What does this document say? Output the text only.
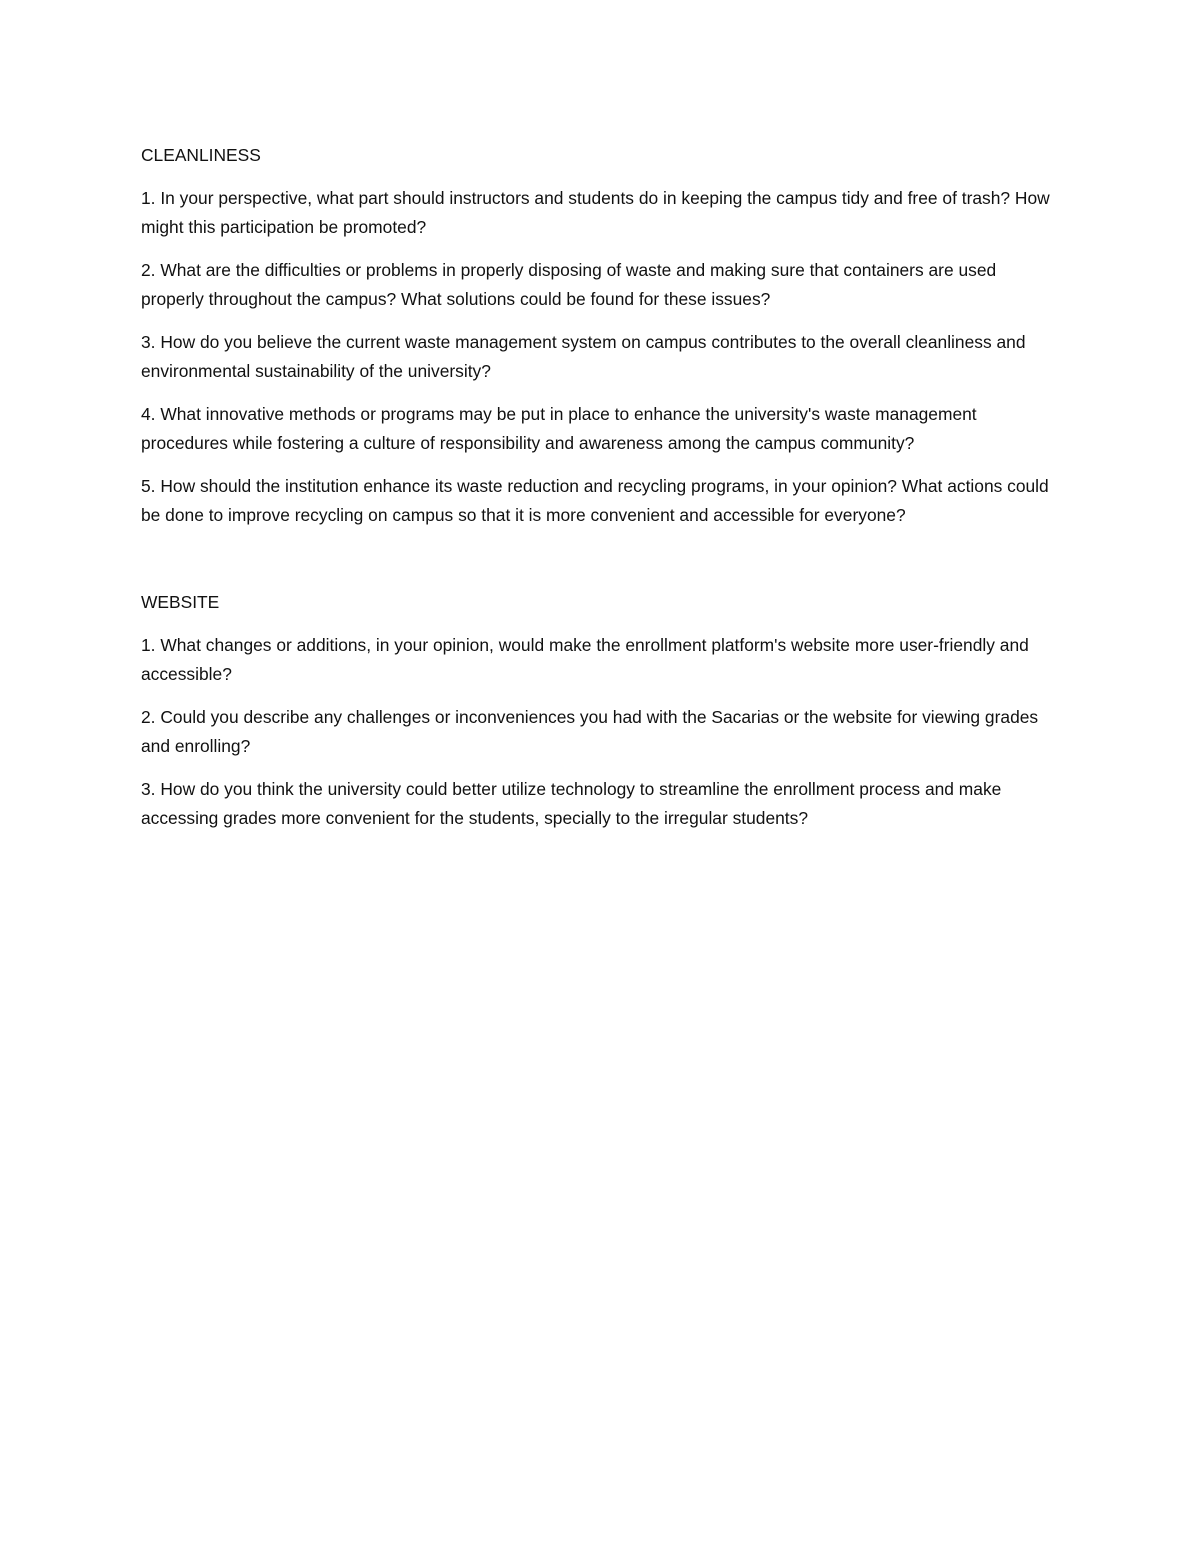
CLEANLINESS

1. In your perspective, what part should instructors and students do in keeping the campus tidy and free of trash? How might this participation be promoted?

2. What are the difficulties or problems in properly disposing of waste and making sure that containers are used properly throughout the campus? What solutions could be found for these issues?

3. How do you believe the current waste management system on campus contributes to the overall cleanliness and environmental sustainability of the university?

4. What innovative methods or programs may be put in place to enhance the university's waste management procedures while fostering a culture of responsibility and awareness among the campus community?

5. How should the institution enhance its waste reduction and recycling programs, in your opinion? What actions could be done to improve recycling on campus so that it is more convenient and accessible for everyone?

WEBSITE

1. What changes or additions, in your opinion, would make the enrollment platform's website more user-friendly and accessible?

2. Could you describe any challenges or inconveniences you had with the Sacarias or the website for viewing grades and enrolling?

3. How do you think the university could better utilize technology to streamline the enrollment process and make accessing grades more convenient for the students, specially to the irregular students?
